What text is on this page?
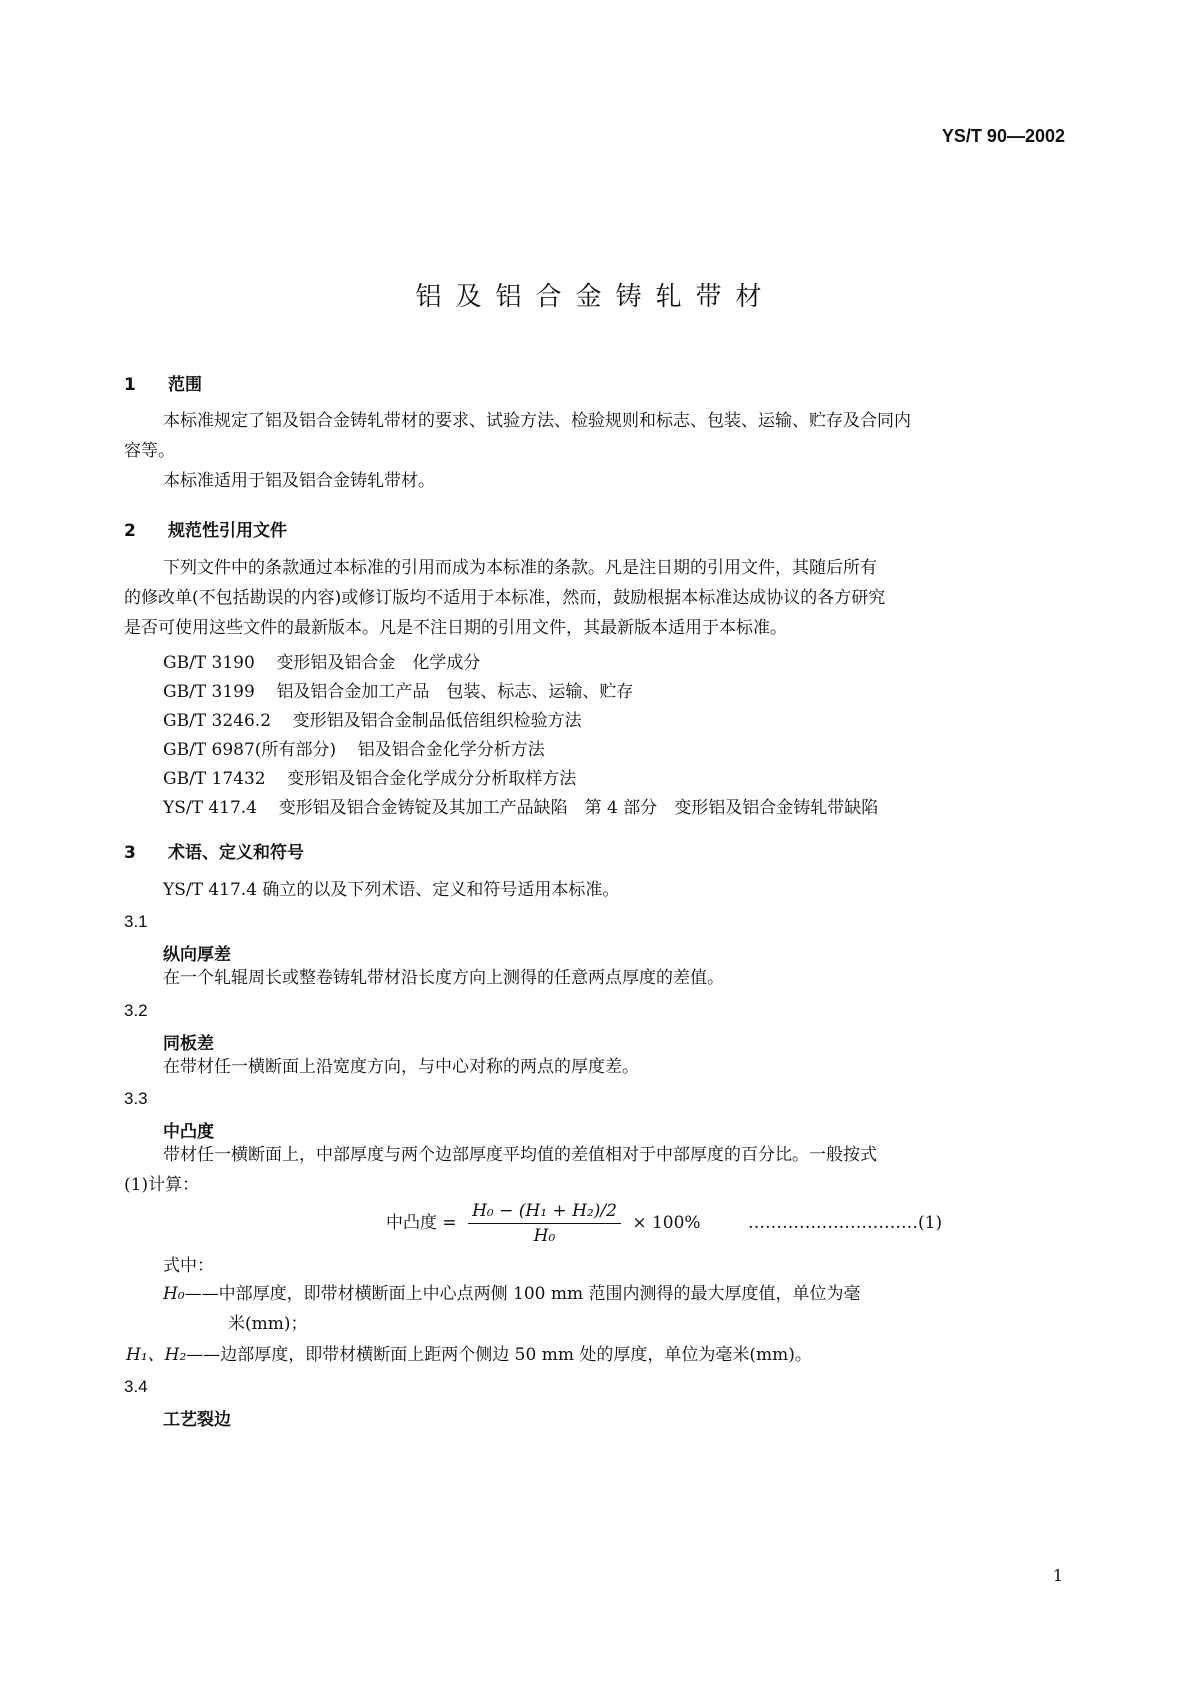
YS/T 90—2002
铝及铝合金铸轧带材
1 范围
本标准规定了铝及铝合金铸轧带材的要求、试验方法、检验规则和标志、包装、运输、贮存及合同内
容等。
本标准适用于铝及铝合金铸轧带材。
2 规范性引用文件
下列文件中的条款通过本标准的引用而成为本标准的条款。凡是注日期的引用文件，其随后所有
的修改单(不包括勘误的内容)或修订版均不适用于本标准，然而，鼓励根据本标准达成协议的各方研究
是否可使用这些文件的最新版本。凡是不注日期的引用文件，其最新版本适用于本标准。
GB/T 3190 变形铝及铝合金　化学成分
GB/T 3199 铝及铝合金加工产品　包装、标志、运输、贮存
GB/T 3246.2 变形铝及铝合金制品低倍组织检验方法
GB/T 6987(所有部分) 铝及铝合金化学分析方法
GB/T 17432 变形铝及铝合金化学成分分析取样方法
YS/T 417.4 变形铝及铝合金铸锭及其加工产品缺陷　第 4 部分　变形铝及铝合金铸轧带缺陷
3 术语、定义和符号
YS/T 417.4 确立的以及下列术语、定义和符号适用本标准。
3.1
纵向厚差
在一个轧辊周长或整卷铸轧带材沿长度方向上测得的任意两点厚度的差值。
3.2
同板差
在带材任一横断面上沿宽度方向，与中心对称的两点的厚度差。
3.3
中凸度
带材任一横断面上，中部厚度与两个边部厚度平均值的差值相对于中部厚度的百分比。一般按式
(1)计算：
中凸度 = $\frac{\text{H₀ − (H₁ + H₂)/2}}{\text{H₀}} \times 100\%$	…………………………(1)
式中：
H₀——中部厚度，即带材横断面上中心点两侧 100 mm 范围内测得的最大厚度值，单位为毫
米(mm)；
H₁、H₂——边部厚度，即带材横断面上距两个侧边 50 mm 处的厚度，单位为毫米(mm)。
3.4
工艺裂边
1
